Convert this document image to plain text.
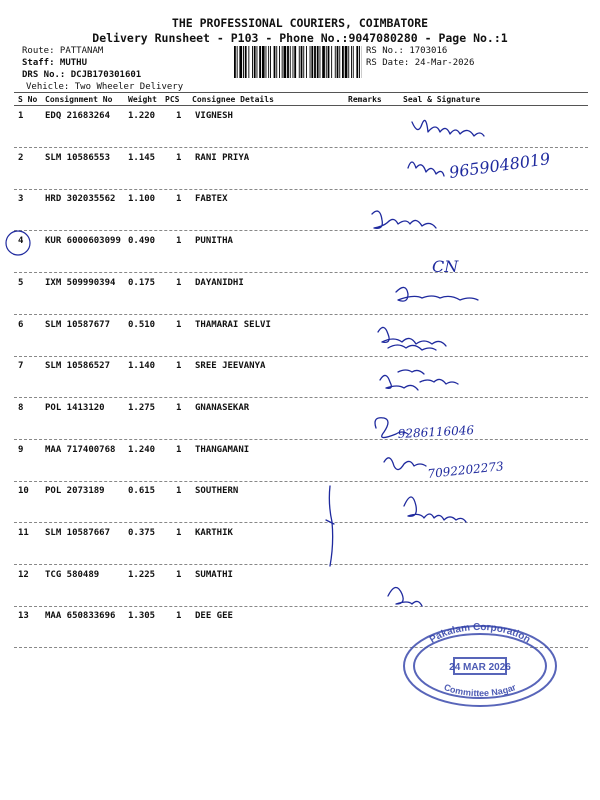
THE PROFESSIONAL COURIERS, COIMBATORE
Delivery Runsheet - P103 - Phone No.:9047080280 - Page No.:1
Route: PATTANAM
Staff: MUTHU
DRS No.: DCJB170301601
Vehicle: Two Wheeler Delivery
RS No.: 1703016
RS Date: 24-Mar-2026
S No Consignment No Weight PCS Consignee Details	Remarks	Seal & Signature
1 EDQ 21683264 1.220 1 VIGNESH
2 SLM 10586553 1.145 1 RANI PRIYA
3 HRD 302035562 1.100 1 FABTEX
4 KUR 6000603099 0.490 1 PUNITHA
5 IXM 509990394 0.175 1 DAYANIDHI
6 SLM 10587677 0.510 1 THAMARAI SELVI
7 SLM 10586527 1.140 1 SREE JEEVANYA
8 POL 1413120	1.275 1 GNANASEKAR
9 MAA 717400768 1.240 1 THANGAMANI
10 POL 2073189	0.615 1 SOUTHERN
11 SLM 10587667 0.375 1 KARTHIK
12 TCG 580489	1.225 1 SUMATHI
13 MAA 650833696 1.305 1 DEE GEE
9659048019
CN
9286116046
7092202273
Pakalam Corporation
24 MAR 2026
Committee Nagar
